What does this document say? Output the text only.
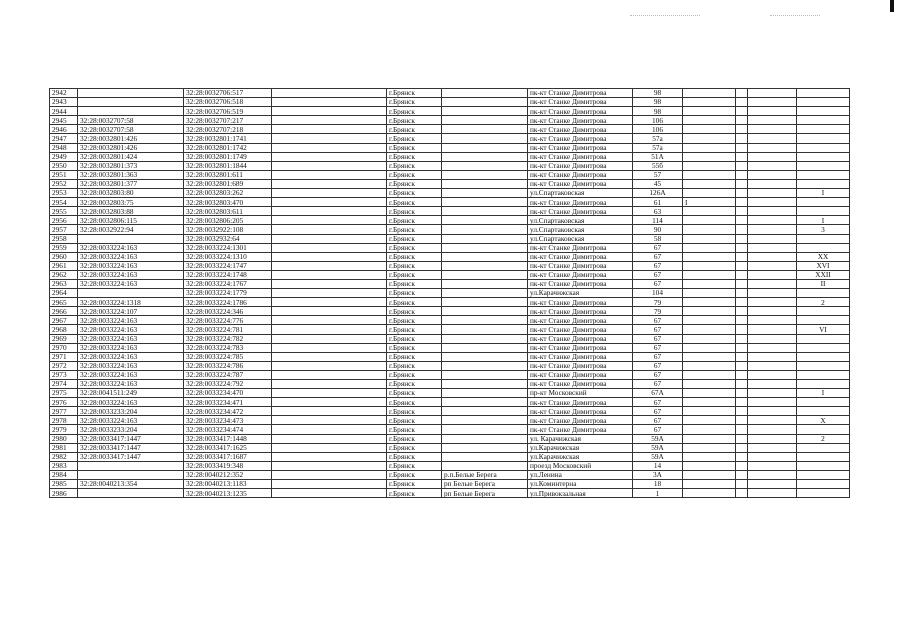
2942		32:28:0032706:517		г.Брянск		пк-кт Станке Димитрова	98				
2943		32:28:0032706:518		г.Брянск		пк-кт Станке Димитрова	98				
2944		32:28:0032706:519		г.Брянск		пк-кт Станке Димитрова	98				
2945	32:28:0032707:58	32:28:0032707:217		г.Брянск		пк-кт Станке Димитрова	106				
2946	32:28:0032707:58	32:28:0032707:218		г.Брянск		пк-кт Станке Димитрова	106				
2947	32:28:0032801:426	32:28:0032801:1741		г.Брянск		пк-кт Станке Димитрова	57а				
2948	32:28:0032801:426	32:28:0032801:1742		г.Брянск		пк-кт Станке Димитрова	57а				
2949	32:28:0032801:424	32:28:0032801:1749		г.Брянск		пк-кт Станке Димитрова	51А				
2950	32:28:0032801:373	32:28:0032801:1844		г.Брянск		пк-кт Станке Димитрова	55б				
2951	32:28:0032801:363	32:28:0032801:611		г.Брянск		пк-кт Станке Димитрова	57				
2952	32:28:0032801:377	32:28:0032801:689		г.Брянск		пк-кт Станке Димитрова	45				
2953	32:28:0032803:80	32:28:0032803:262		г.Брянск		ул.Спартаковская	126А				I
2954	32:28:0032803:75	32:28:0032803:470		г.Брянск		пк-кт Станке Димитрова	61	I			
2955	32:28:0032803:88	32:28:0032803:611		г.Брянск		пк-кт Станке Димитрова	63				
2956	32:28:0032806:115	32:28:0032806:205		г.Брянск		ул.Спартаковская	114				I
2957	32:28:0032922:94	32:28:0032922:108		г.Брянск		ул.Спартаковская	90				3
2958		32:28:0032932:64		г.Брянск		ул.Спартаковская	58				
2959	32:28:0033224:163	32:28:0033224:1301		г.Брянск		пк-кт Станке Димитрова	67				
2960	32:28:0033224:163	32:28:0033224:1310		г.Брянск		пк-кт Станке Димитрова	67				XX
2961	32:28:0033224:163	32:28:0033224:1747		г.Брянск		пк-кт Станке Димитрова	67				XVI
2962	32:28:0033224:163	32:28:0033224:1748		г.Брянск		пк-кт Станке Димитрова	67				XXII
2963	32:28:0033224:163	32:28:0033224:1767		г.Брянск		пк-кт Станке Димитрова	67				II
2964		32:28:0033224:1779		г.Брянск		ул.Карачижская	104				
2965	32:28:0033224:1318	32:28:0033224:1786		г.Брянск		пк-кт Станке Димитрова	79				2
2966	32:28:0033224:107	32:28:0033224:346		г.Брянск		пк-кт Станке Димитрова	79				
2967	32:28:0033224:163	32:28:0033224:776		г.Брянск		пк-кт Станке Димитрова	67				
2968	32:28:0033224:163	32:28:0033224:781		г.Брянск		пк-кт Станке Димитрова	67				VI
2969	32:28:0033224:163	32:28:0033224:782		г.Брянск		пк-кт Станке Димитрова	67				
2970	32:28:0033224:163	32:28:0033224:783		г.Брянск		пк-кт Станке Димитрова	67				
2971	32:28:0033224:163	32:28:0033224:785		г.Брянск		пк-кт Станке Димитрова	67				
2972	32:28:0033224:163	32:28:0033224:786		г.Брянск		пк-кт Станке Димитрова	67				
2973	32:28:0033224:163	32:28:0033224:787		г.Брянск		пк-кт Станке Димитрова	67				
2974	32:28:0033224:163	32:28:0033224:792		г.Брянск		пк-кт Станке Димитрова	67				
2975	32:28:0041511:249	32:28:0033234:470		г.Брянск		пр-кт Московский	67А				I
2976	32:28:0033224:163	32:28:0033234:471		г.Брянск		пк-кт Станке Димитрова	67				
2977	32:28:0033233:204	32:28:0033234:472		г.Брянск		пк-кт Станке Димитрова	67				
2978	32:28:0033224:163	32:28:0033234:473		г.Брянск		пк-кт Станке Димитрова	67				X
2979	32:28:0033233:204	32:28:0033234:474		г.Брянск		пк-кт Станке Димитрова	67				
2980	32:28:0033417:1447	32:28:0033417:1448		г.Брянск		ул. Карачижская	59А				2
2981	32:28:0033417:1447	32:28:0033417:1625		г.Брянск		ул.Карачижская	59А				
2982	32:28:0033417:1447	32:28:0033417:1687		г.Брянск		ул.Карачижская	59А				
2983		32:28:0033419:348		г.Брянск		проезд Московский	14				
2984		32:28:0040212:352		г.Брянск	р.п.Белые Берега	ул.Ленина	3А				
2985	32:28:0040213:354	32:28:0040213:1183		г.Брянск	рп Белые Берега	ул.Коминтерна	18				
2986		32:28:0040213:1235		г.Брянск	рп Белые Берега	ул.Привокзальная	1				
